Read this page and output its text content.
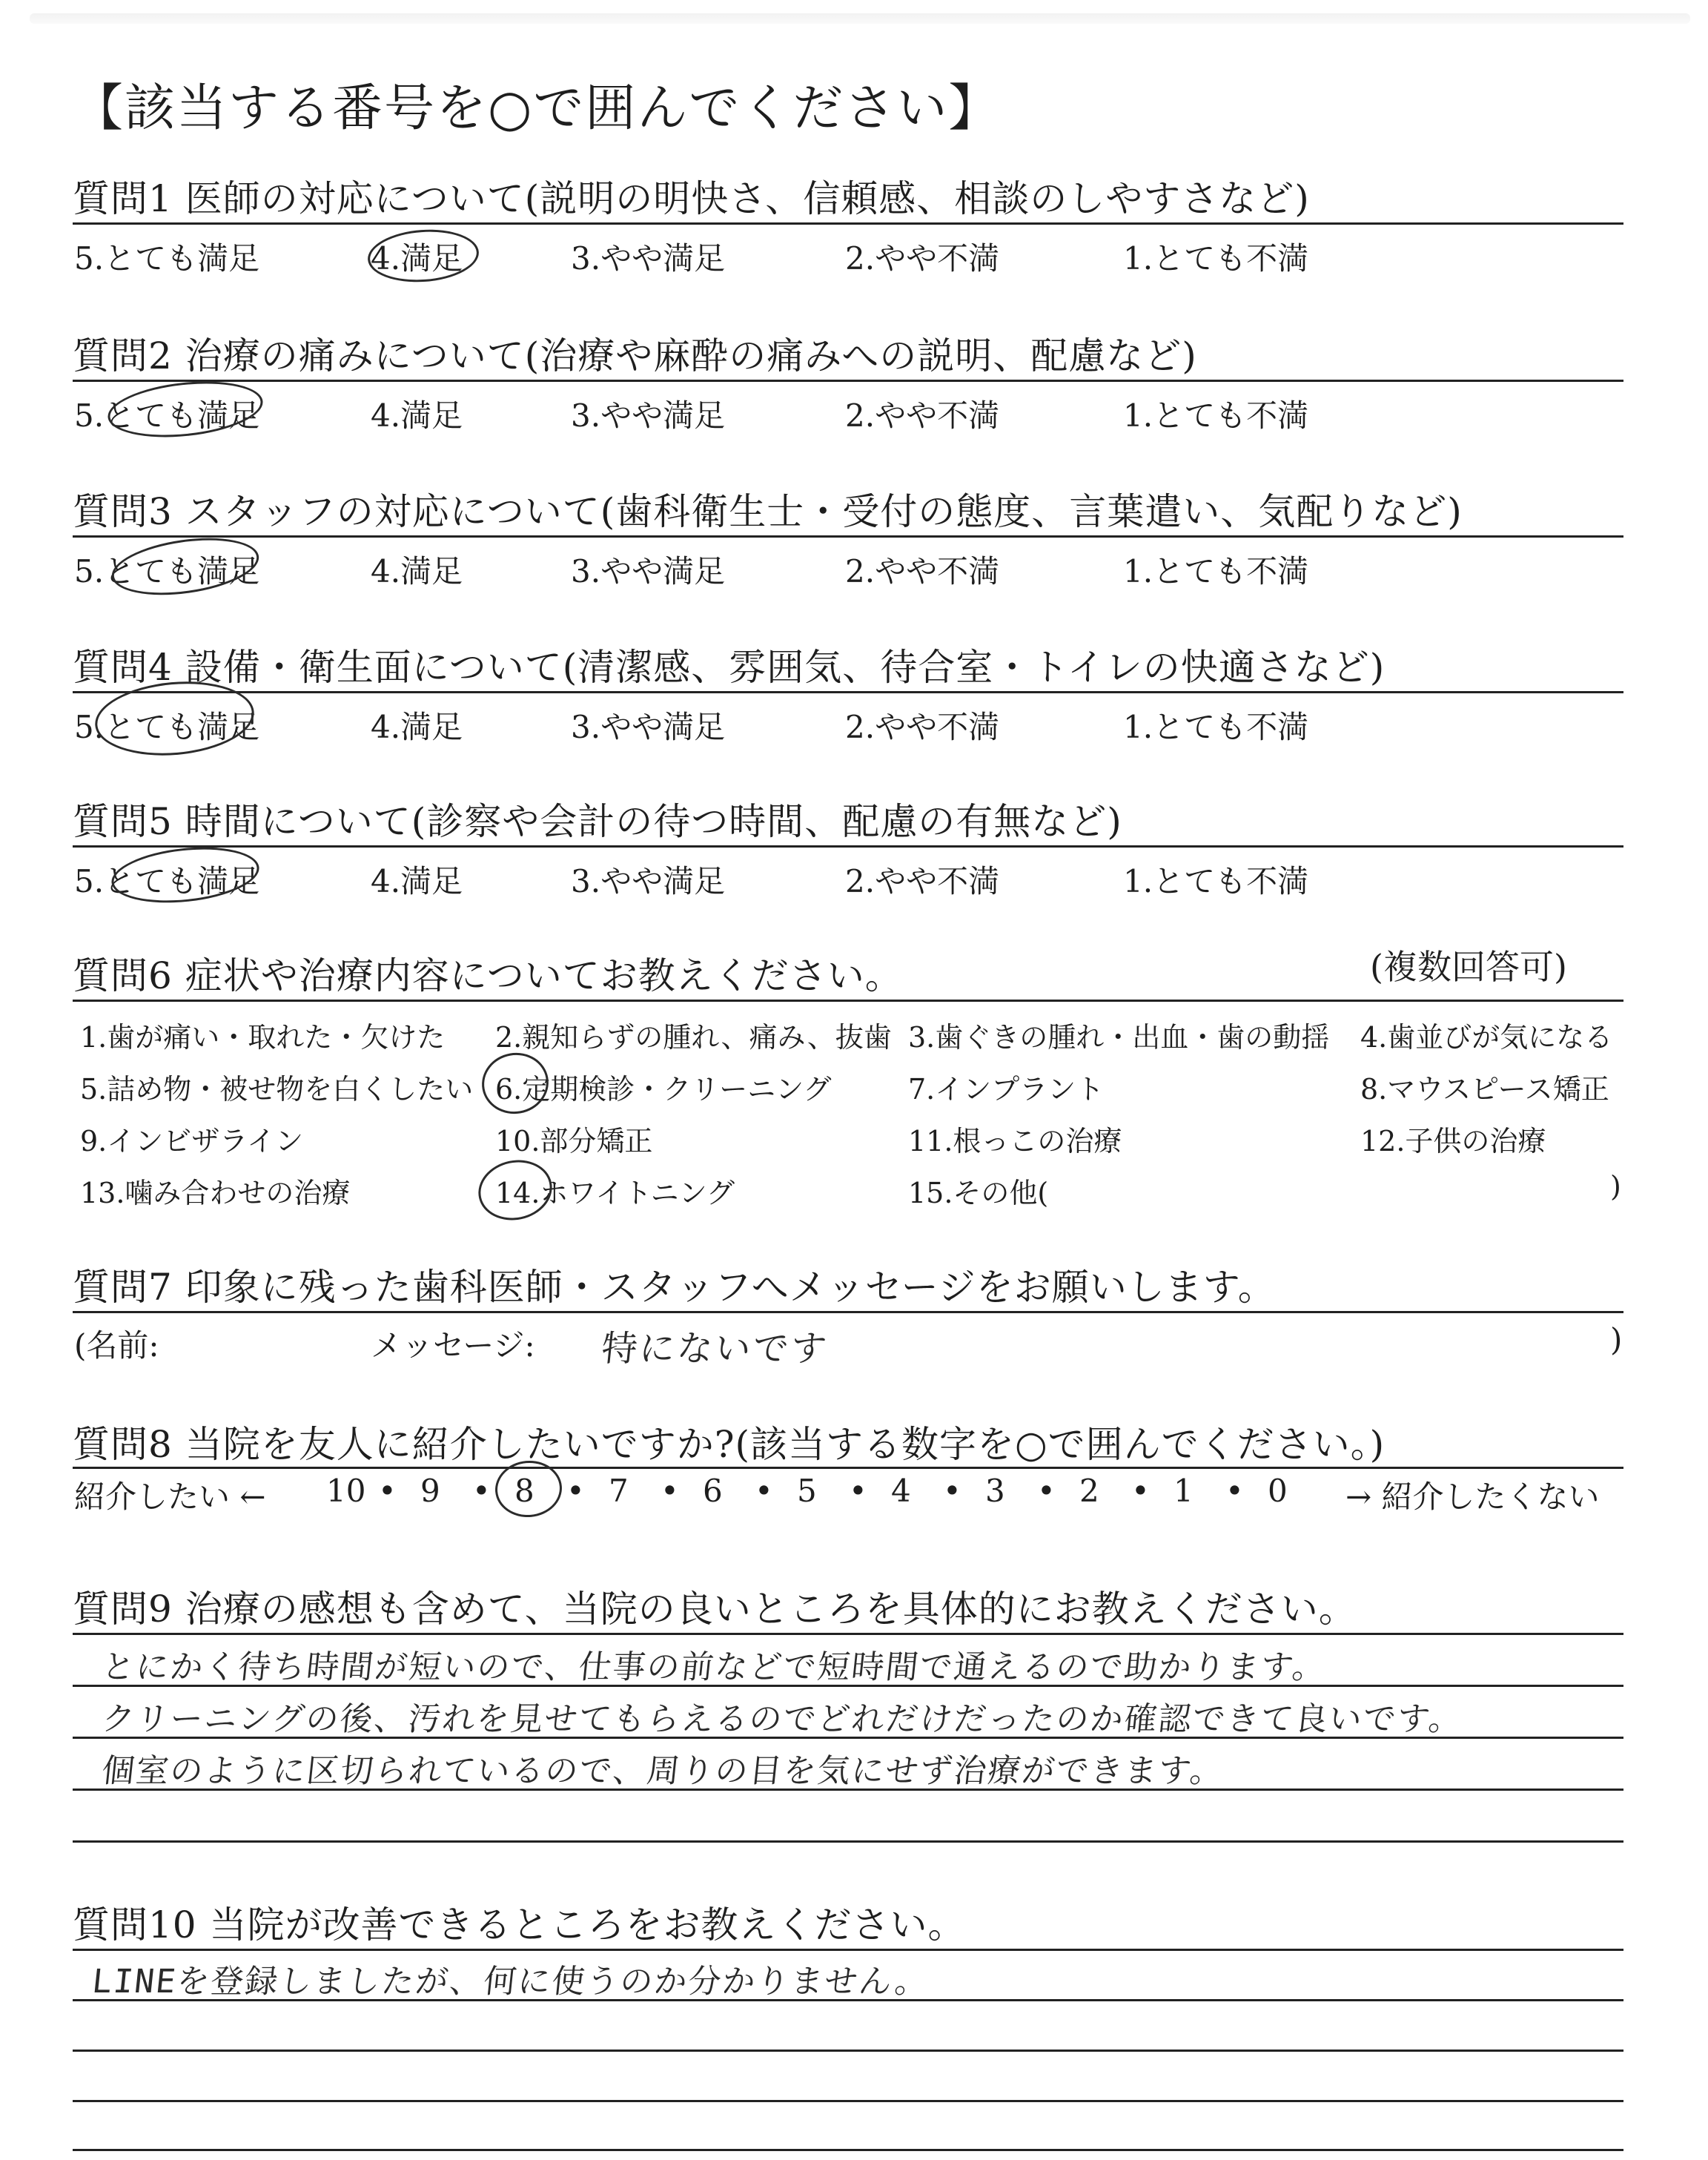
【該当する番号を○で囲んでください】
質問1 医師の対応について(説明の明快さ、信頼感、相談のしやすさなど)
5.とても満足	4.満足	3.やや満足	2.やや不満	1.とても不満
質問2 治療の痛みについて(治療や麻酔の痛みへの説明、配慮など)
5.とても満足	4.満足	3.やや満足	2.やや不満	1.とても不満
質問3 スタッフの対応について(歯科衛生士・受付の態度、言葉遣い、気配りなど)
5.とても満足	4.満足	3.やや満足	2.やや不満	1.とても不満
質問4 設備・衛生面について(清潔感、雰囲気、待合室・トイレの快適さなど)
5.とても満足	4.満足	3.やや満足	2.やや不満	1.とても不満
質問5 時間について(診察や会計の待つ時間、配慮の有無など)
5.とても満足	4.満足	3.やや満足	2.やや不満	1.とても不満
質問6 症状や治療内容についてお教えください。	(複数回答可)
1.歯が痛い・取れた・欠けた 2.親知らずの腫れ、痛み、抜歯 3.歯ぐきの腫れ・出血・歯の動揺 4.歯並びが気になる
5.詰め物・被せ物を白くしたい 6.定期検診・クリーニング	7.インプラント	8.マウスピース矯正
9.インビザライン	10.部分矯正	11.根っこの治療	12.子供の治療
13.噛み合わせの治療	14.ホワイトニング	15.その他(	)
質問7 印象に残った歯科医師・スタッフへメッセージをお願いします。
(名前:	メッセージ: 特にないです	)
質問8 当院を友人に紹介したいですか?(該当する数字を○で囲んでください。)
紹介したい ← 10 • 9 • 8 • 7 • 6 • 5 • 4 • 3 • 2 • 1 • 0 → 紹介したくない
質問9 治療の感想も含めて、当院の良いところを具体的にお教えください。
とにかく待ち時間が短いので、仕事の前などで短時間で通えるので助かります。
クリーニングの後、汚れを見せてもらえるのでどれだけだったのか確認できて良いです。
個室のように区切られているので、周りの目を気にせず治療ができます。
質問10 当院が改善できるところをお教えください。
LINEを登録しましたが、何に使うのか分かりません。
